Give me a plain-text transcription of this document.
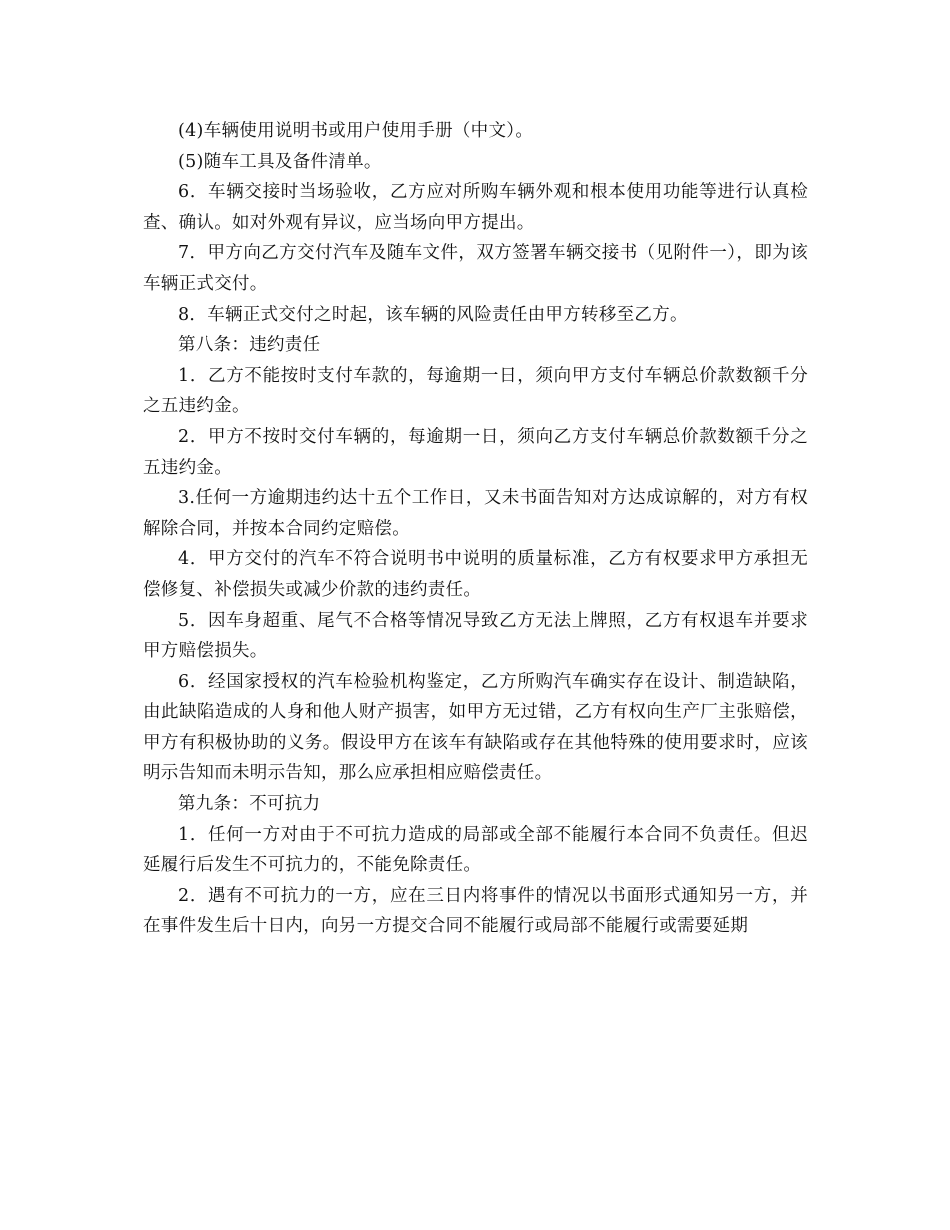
(4)车辆使用说明书或用户使用手册（中文）。

(5)随车工具及备件清单。

6．车辆交接时当场验收，乙方应对所购车辆外观和根本使用功能等进行认真检查、确认。如对外观有异议，应当场向甲方提出。

7．甲方向乙方交付汽车及随车文件，双方签署车辆交接书（见附件一），即为该车辆正式交付。

8．车辆正式交付之时起，该车辆的风险责任由甲方转移至乙方。

第八条：违约责任

1．乙方不能按时支付车款的，每逾期一日，须向甲方支付车辆总价款数额千分之五违约金。

2．甲方不按时交付车辆的，每逾期一日，须向乙方支付车辆总价款数额千分之五违约金。

3.任何一方逾期违约达十五个工作日，又未书面告知对方达成谅解的，对方有权解除合同，并按本合同约定赔偿。

4．甲方交付的汽车不符合说明书中说明的质量标准，乙方有权要求甲方承担无偿修复、补偿损失或减少价款的违约责任。

5．因车身超重、尾气不合格等情况导致乙方无法上牌照，乙方有权退车并要求甲方赔偿损失。

6．经国家授权的汽车检验机构鉴定，乙方所购汽车确实存在设计、制造缺陷，由此缺陷造成的人身和他人财产损害，如甲方无过错，乙方有权向生产厂主张赔偿，甲方有积极协助的义务。假设甲方在该车有缺陷或存在其他特殊的使用要求时，应该明示告知而未明示告知，那么应承担相应赔偿责任。

第九条：不可抗力

1．任何一方对由于不可抗力造成的局部或全部不能履行本合同不负责任。但迟延履行后发生不可抗力的，不能免除责任。

2．遇有不可抗力的一方，应在三日内将事件的情况以书面形式通知另一方，并在事件发生后十日内，向另一方提交合同不能履行或局部不能履行或需要延期
